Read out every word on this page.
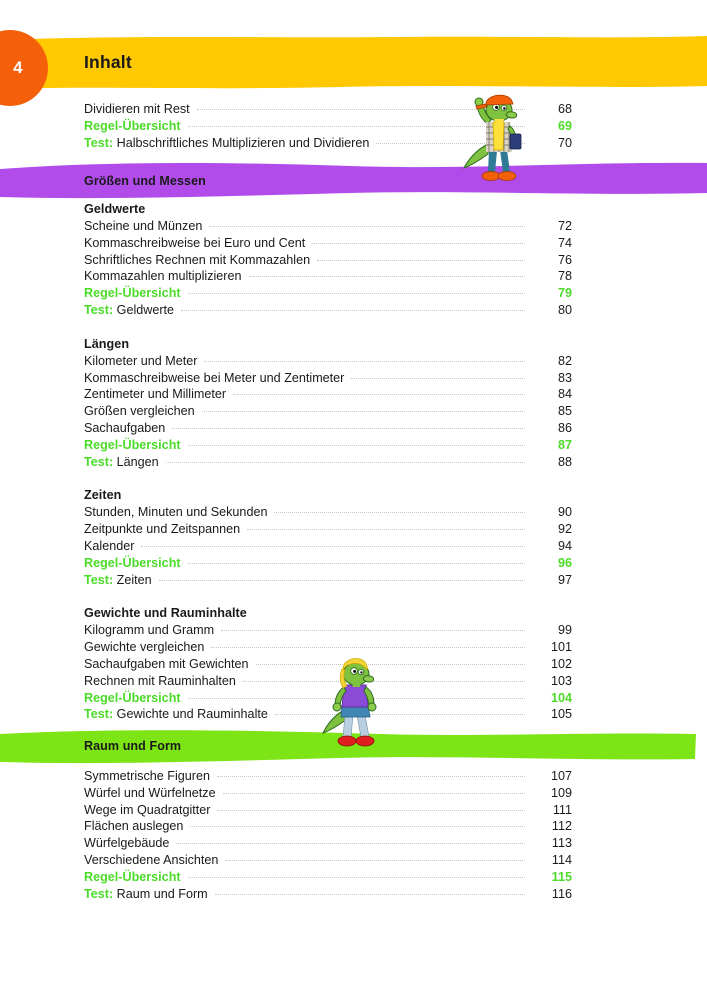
4	Inhalt
Dividieren mit Rest	68
Regel-Übersicht	69
Test: Halbschriftliches Multiplizieren und Dividieren	70
Größen und Messen
Geldwerte
Scheine und Münzen	72
Kommaschreibweise bei Euro und Cent	74
Schriftliches Rechnen mit Kommazahlen	76
Kommazahlen multiplizieren	78
Regel-Übersicht	79
Test: Geldwerte	80
Längen
Kilometer und Meter	82
Kommaschreibweise bei Meter und Zentimeter	83
Zentimeter und Millimeter	84
Größen vergleichen	85
Sachaufgaben	86
Regel-Übersicht	87
Test: Längen	88
Zeiten
Stunden, Minuten und Sekunden	90
Zeitpunkte und Zeitspannen	92
Kalender	94
Regel-Übersicht	96
Test: Zeiten	97
Gewichte und Rauminhalte
Kilogramm und Gramm	99
Gewichte vergleichen	101
Sachaufgaben mit Gewichten	102
Rechnen mit Rauminhalten	103
Regel-Übersicht	104
Test: Gewichte und Rauminhalte	105
Raum und Form
Symmetrische Figuren	107
Würfel und Würfelnetze	109
Wege im Quadratgitter	111
Flächen auslegen	112
Würfelgebäude	113
Verschiedene Ansichten	114
Regel-Übersicht	115
Test: Raum und Form	116
